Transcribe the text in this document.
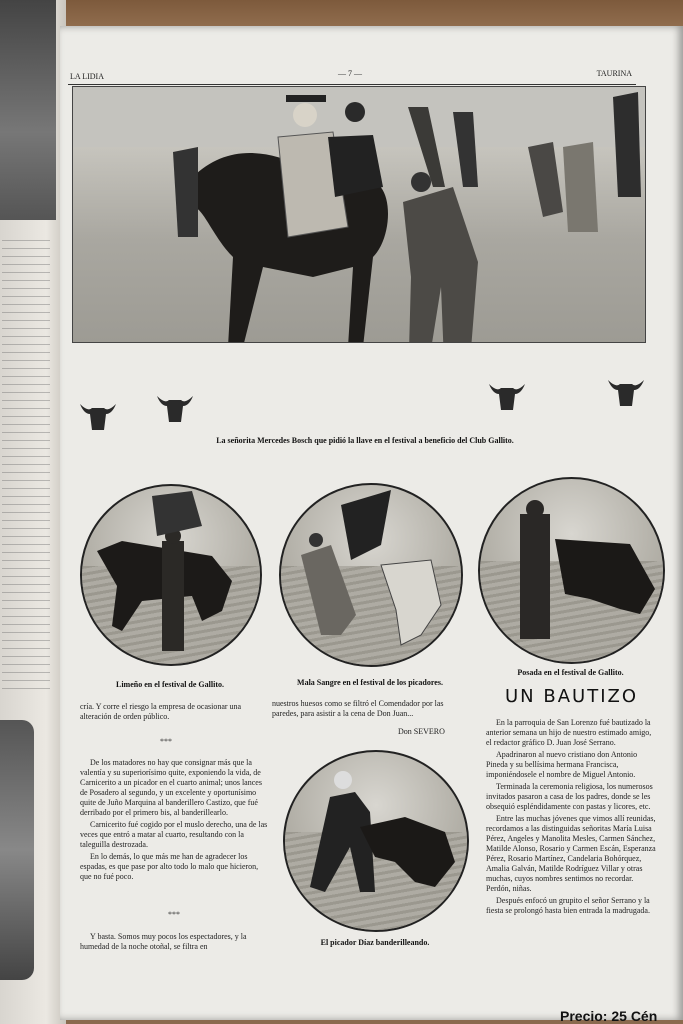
LA LIDIA	— 7 —	TAURINA
La señorita Mercedes Bosch que pidió la llave en el festival a beneficio del Club Gallito.
Limeño en el festival de Gallito.	Mala Sangre en el festival de los picadores.
Posada en el festival de Gallito.

cría. Y corre el riesgo la empresa de ocasionar una alteración de orden público.

***

De los matadores no hay que consignar más que la valentía y su superiorísimo quite, exponiendo la vida, de Carnicerito a un picador en el cuarto animal; unos lances de Posadero al segundo, y un excelente y oportunísimo quite de Juño Marquina al banderillero Castizo, que fué derribado por el primero bis, al banderillearlo.

Carnicerito fué cogido por el muslo derecho, una de las veces que entró a matar al cuarto, resultando con la taleguilla destrozada.

En lo demás, lo que más me han de agradecer los espadas, es que pase por alto todo lo malo que hicieron, que no fué poco.

***

Y basta. Somos muy pocos los espectadores, y la humedad de la noche otoñal, se filtra en

nuestros huesos como se filtró el Comendador por las paredes, para asistir a la cena de Don Juan...

Don SEVERO
El picador Díaz banderilleando.
UN BAUTIZO

En la parroquia de San Lorenzo fué bautizado la anterior semana un hijo de nuestro estimado amigo, el redactor gráfico D. Juan José Serrano.

Apadrinaron al nuevo cristiano don Antonio Pineda y su bellísima hermana Francisca, imponiéndosele el nombre de Miguel Antonio.

Terminada la ceremonia religiosa, los numerosos invitados pasaron a casa de los padres, donde se les obsequió espléndidamente con pastas y licores, etc.

Entre las muchas jóvenes que vimos allí reunidas, recordamos a las distinguidas señoritas María Luisa Pérez, Angeles y Manolita Mesles, Carmen Sánchez, Matilde Alonso, Rosario y Carmen Escán, Esperanza Pérez, Rosario Martínez, Candelaria Bohórquez, Amalia Galván, Matilde Rodríguez Villar y otras muchas, cuyos nombres sentimos no recordar. Perdón, niñas.

Después enfocó un grupito el señor Serrano y la fiesta se prolongó hasta bien entrada la madrugada.

Precio: 25 Cén
